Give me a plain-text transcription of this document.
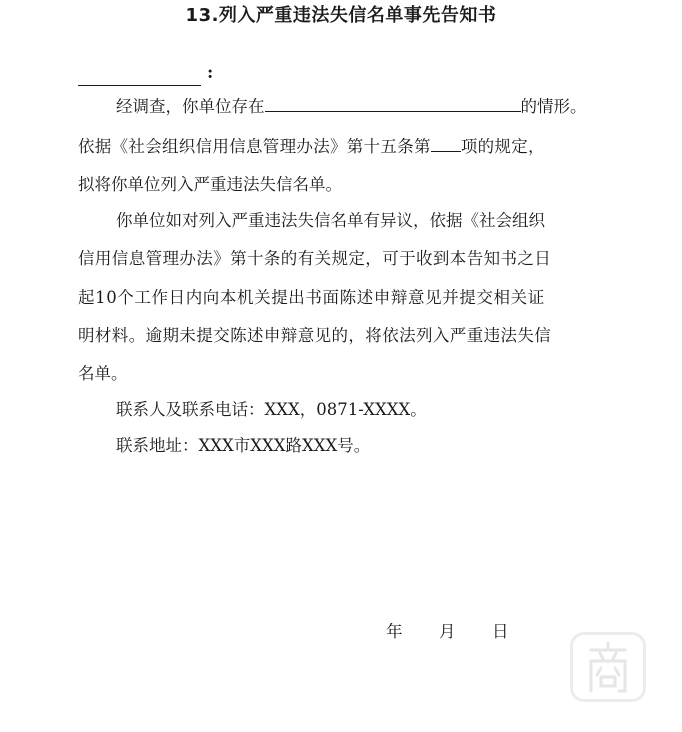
13.列入严重违法失信名单事先告知书
:
经调查，你单位存在	的情形。
依据《社会组织信用信息管理办法》第十五条第 项的规定，
拟将你单位列入严重违法失信名单。
你单位如对列入严重违法失信名单有异议，依据《社会组织
信用信息管理办法》第十条的有关规定，可于收到本告知书之日
起10个工作日内向本机关提出书面陈述申辩意见并提交相关证
明材料。逾期未提交陈述申辩意见的，将依法列入严重违法失信
名单。
联系人及联系电话：XXX，0871-XXXX。
联系地址：XXX市XXX路XXX号。
年 月 日
